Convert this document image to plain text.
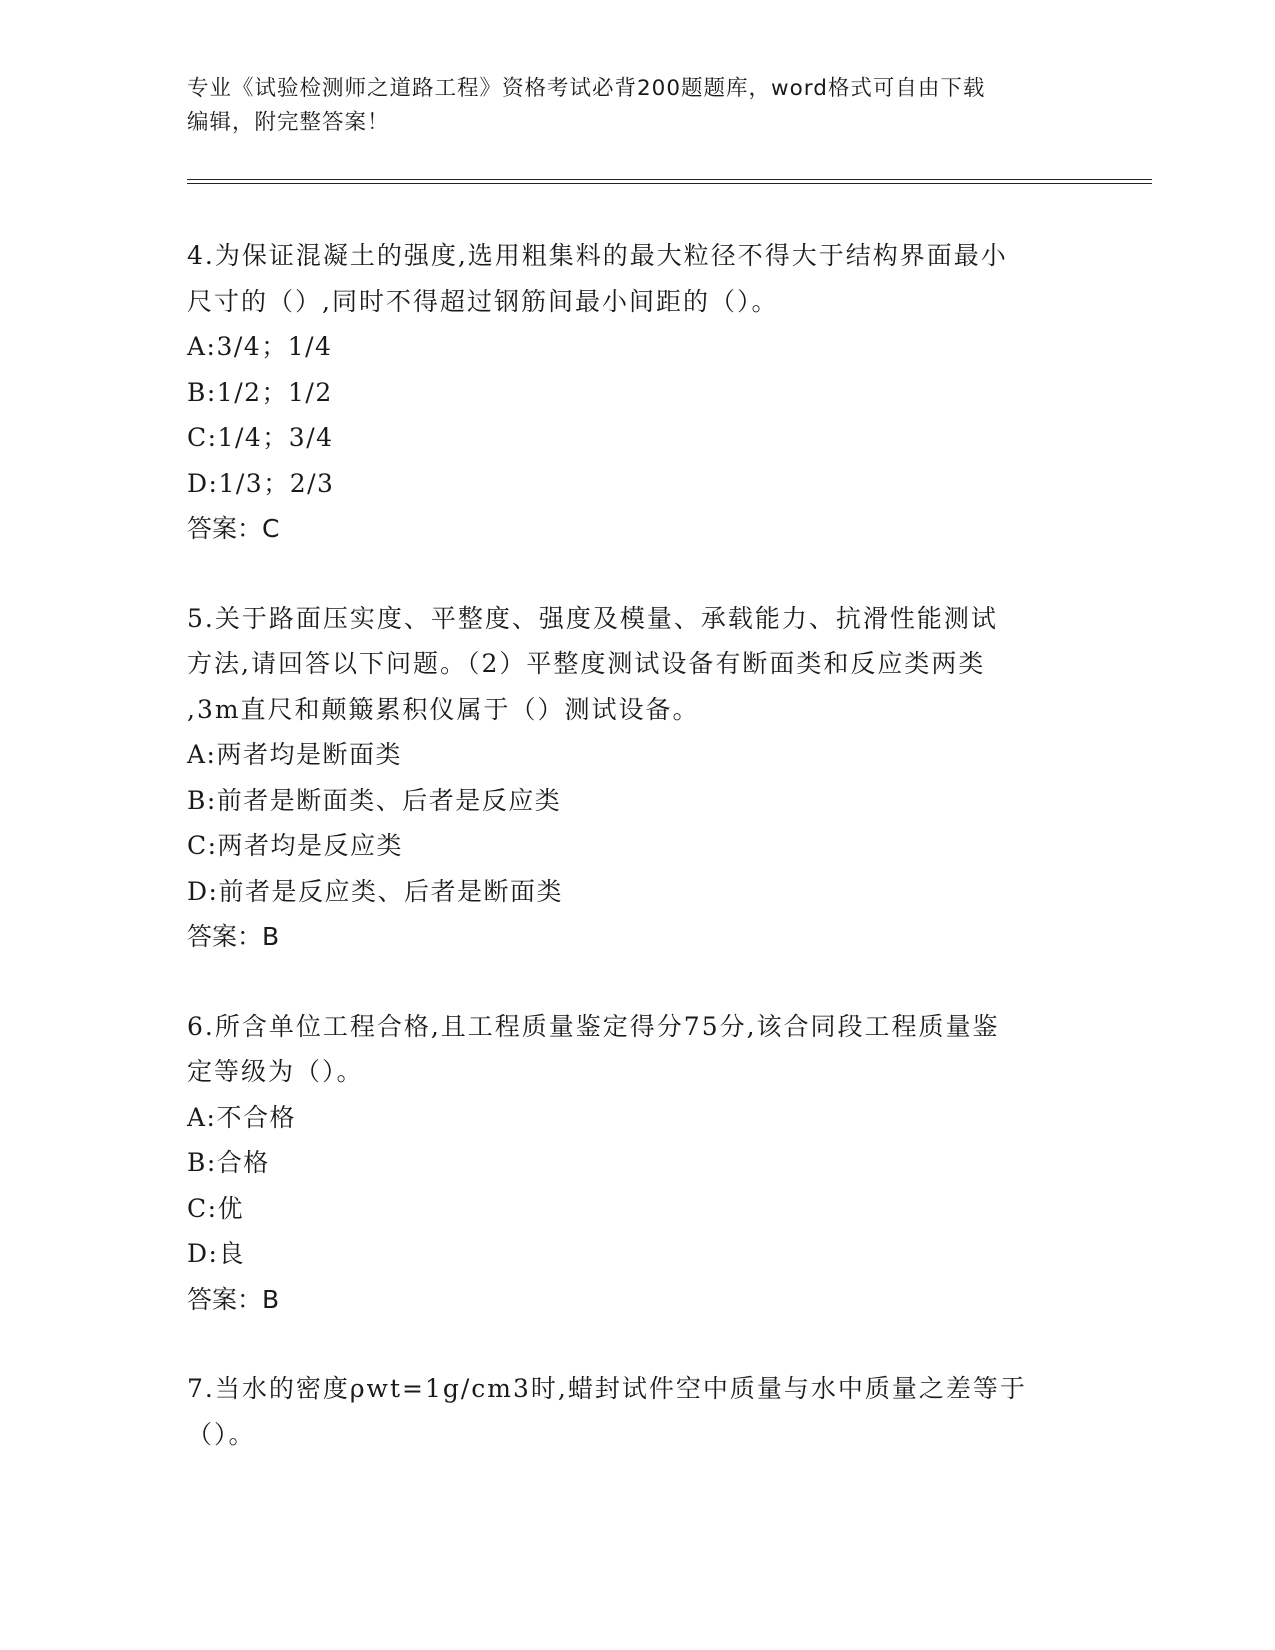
专业《试验检测师之道路工程》资格考试必背200题题库，word格式可自由下载
编辑，附完整答案！

4.为保证混凝土的强度,选用粗集料的最大粒径不得大于结构界面最小

尺寸的（）,同时不得超过钢筋间最小间距的（）。

A:3/4；1/4

B:1/2；1/2

C:1/4；3/4

D:1/3；2/3

答案：C

5.关于路面压实度、平整度、强度及模量、承载能力、抗滑性能测试

方法,请回答以下问题。（2）平整度测试设备有断面类和反应类两类

,3m直尺和颠簸累积仪属于（）测试设备。

A:两者均是断面类

B:前者是断面类、后者是反应类

C:两者均是反应类

D:前者是反应类、后者是断面类

答案：B

6.所含单位工程合格,且工程质量鉴定得分75分,该合同段工程质量鉴

定等级为（）。

A:不合格

B:合格

C:优

D:良

答案：B

7.当水的密度ρwt=1g/cm3时,蜡封试件空中质量与水中质量之差等于

（）。
